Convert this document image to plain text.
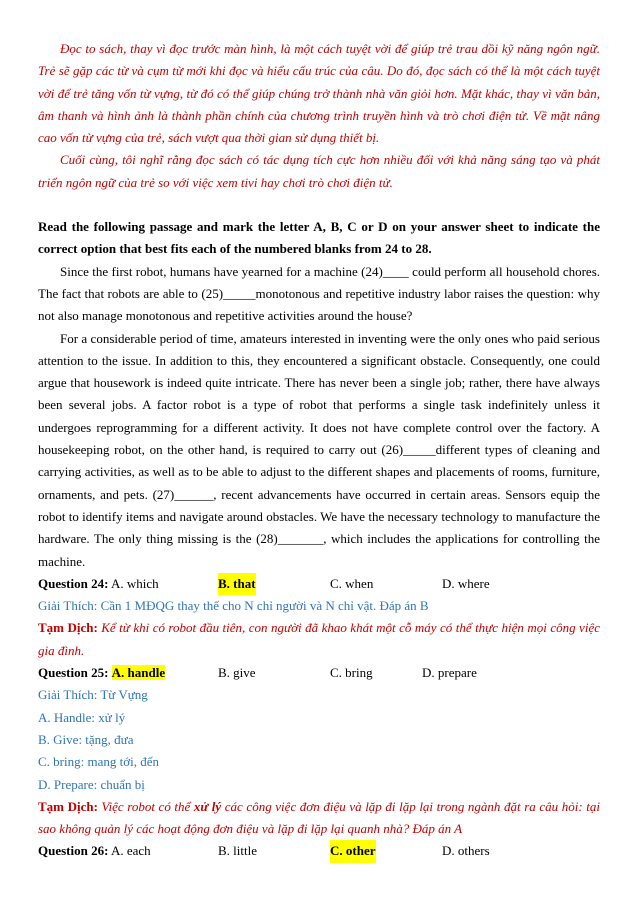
Đọc to sách, thay vì đọc trước màn hình, là một cách tuyệt vời để giúp trẻ trau dồi kỹ năng ngôn ngữ. Trẻ sẽ gặp các từ và cụm từ mới khi đọc và hiểu cấu trúc của câu. Do đó, đọc sách có thể là một cách tuyệt vời để trẻ tăng vốn từ vựng, từ đó có thể giúp chúng trở thành nhà văn giỏi hơn. Mặt khác, thay vì văn bản, âm thanh và hình ảnh là thành phần chính của chương trình truyền hình và trò chơi điện tử. Về mặt nâng cao vốn từ vựng của trẻ, sách vượt qua thời gian sử dụng thiết bị.

Cuối cùng, tôi nghĩ rằng đọc sách có tác dụng tích cực hơn nhiều đối với khả năng sáng tạo và phát triển ngôn ngữ của trẻ so với việc xem tivi hay chơi trò chơi điện tử.

Read the following passage and mark the letter A, B, C or D on your answer sheet to indicate the correct option that best fits each of the numbered blanks from 24 to 28.

Since the first robot, humans have yearned for a machine (24)____ could perform all household chores. The fact that robots are able to (25)_____monotonous and repetitive industry labor raises the question: why not also manage monotonous and repetitive activities around the house?

For a considerable period of time, amateurs interested in inventing were the only ones who paid serious attention to the issue. In addition to this, they encountered a significant obstacle. Consequently, one could argue that housework is indeed quite intricate. There has never been a single job; rather, there have always been several jobs. A factor robot is a type of robot that performs a single task indefinitely unless it undergoes reprogramming for a different activity. It does not have complete control over the factory. A housekeeping robot, on the other hand, is required to carry out (26)_____different types of cleaning and carrying activities, as well as to be able to adjust to the different shapes and placements of rooms, furniture, ornaments, and pets. (27)______, recent advancements have occurred in certain areas. Sensors equip the robot to identify items and navigate around obstacles. We have the necessary technology to manufacture the hardware. The only thing missing is the (28)_______, which includes the applications for controlling the machine.

Question 24: A. which	B. that	C. when	D. where

Giải Thích: Cần 1 MĐQG thay thế cho N chỉ người và N chỉ vật. Đáp án B

Tạm Dịch: Kể từ khi có robot đầu tiên, con người đã khao khát một cỗ máy có thể thực hiện mọi công việc gia đình.

Question 25: A. handle	B. give	C. bring	D. prepare

Giải Thích: Từ Vựng

A. Handle: xử lý

B. Give: tặng, đưa

C. bring: mang tới, đến

D. Prepare: chuẩn bị

Tạm Dịch: Việc robot có thể xử lý các công việc đơn điệu và lặp đi lặp lại trong ngành đặt ra câu hỏi: tại sao không quản lý các hoạt động đơn điệu và lặp đi lặp lại quanh nhà? Đáp án A

Question 26: A. each	B. little	C. other	D. others
